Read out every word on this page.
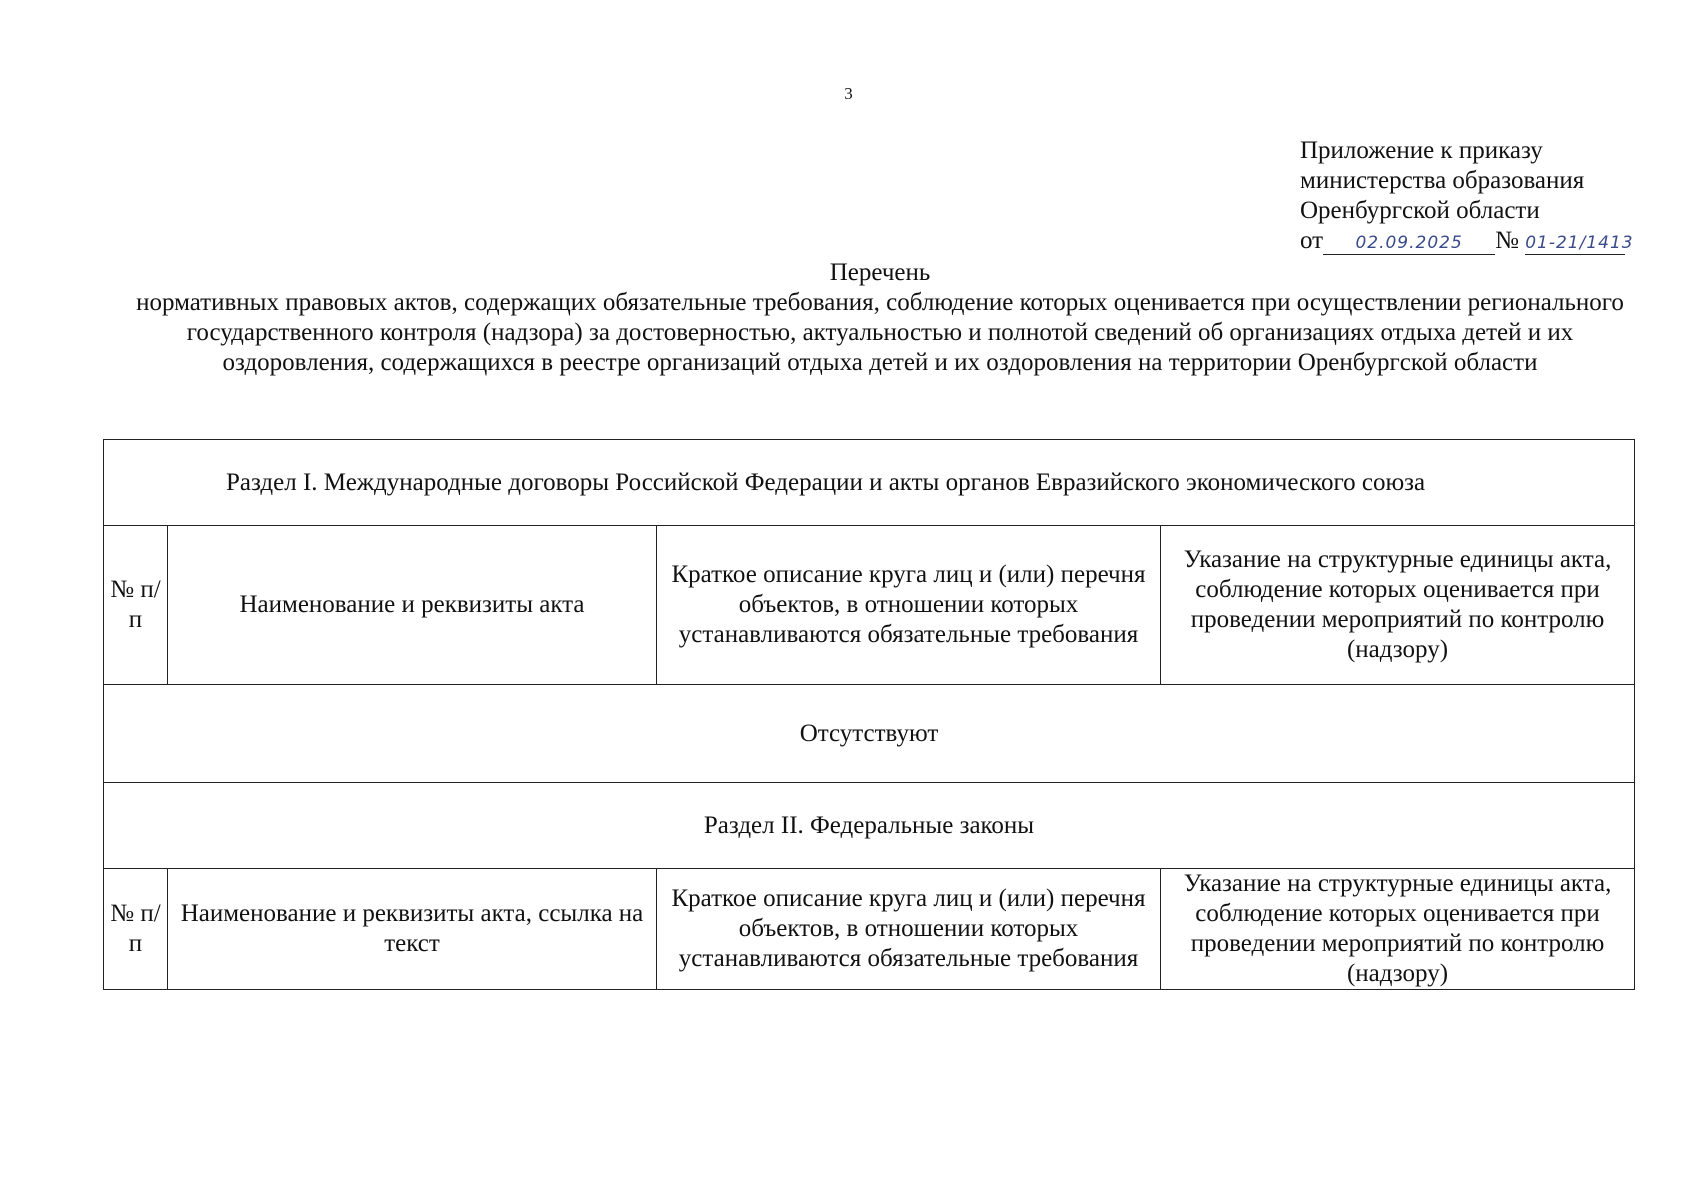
3
Приложение к приказу
министерства образования
Оренбургской области
от 02.09.2025 № 01-21/1413
Перечень
нормативных правовых актов, содержащих обязательные требования, соблюдение которых оценивается при осуществлении регионального государственного контроля (надзора) за достоверностью, актуальностью и полнотой сведений об организациях отдыха детей и их оздоровления, содержащихся в реестре организаций отдыха детей и их оздоровления на территории Оренбургской области
Раздел I. Международные договоры Российской Федерации и акты органов Евразийского экономического союза			
№ п/п	Наименование и реквизиты акта	Краткое описание круга лиц и (или) перечня объектов, в отношении которых устанавливаются обязательные требования	Указание на структурные единицы акта, соблюдение которых оценивается при проведении мероприятий по контролю (надзору)
Отсутствуют			
Раздел II. Федеральные законы			
№ п/п	Наименование и реквизиты акта, ссылка на текст	Краткое описание круга лиц и (или) перечня объектов, в отношении которых устанавливаются обязательные требования	Указание на структурные единицы акта, соблюдение которых оценивается при проведении мероприятий по контролю (надзору)
